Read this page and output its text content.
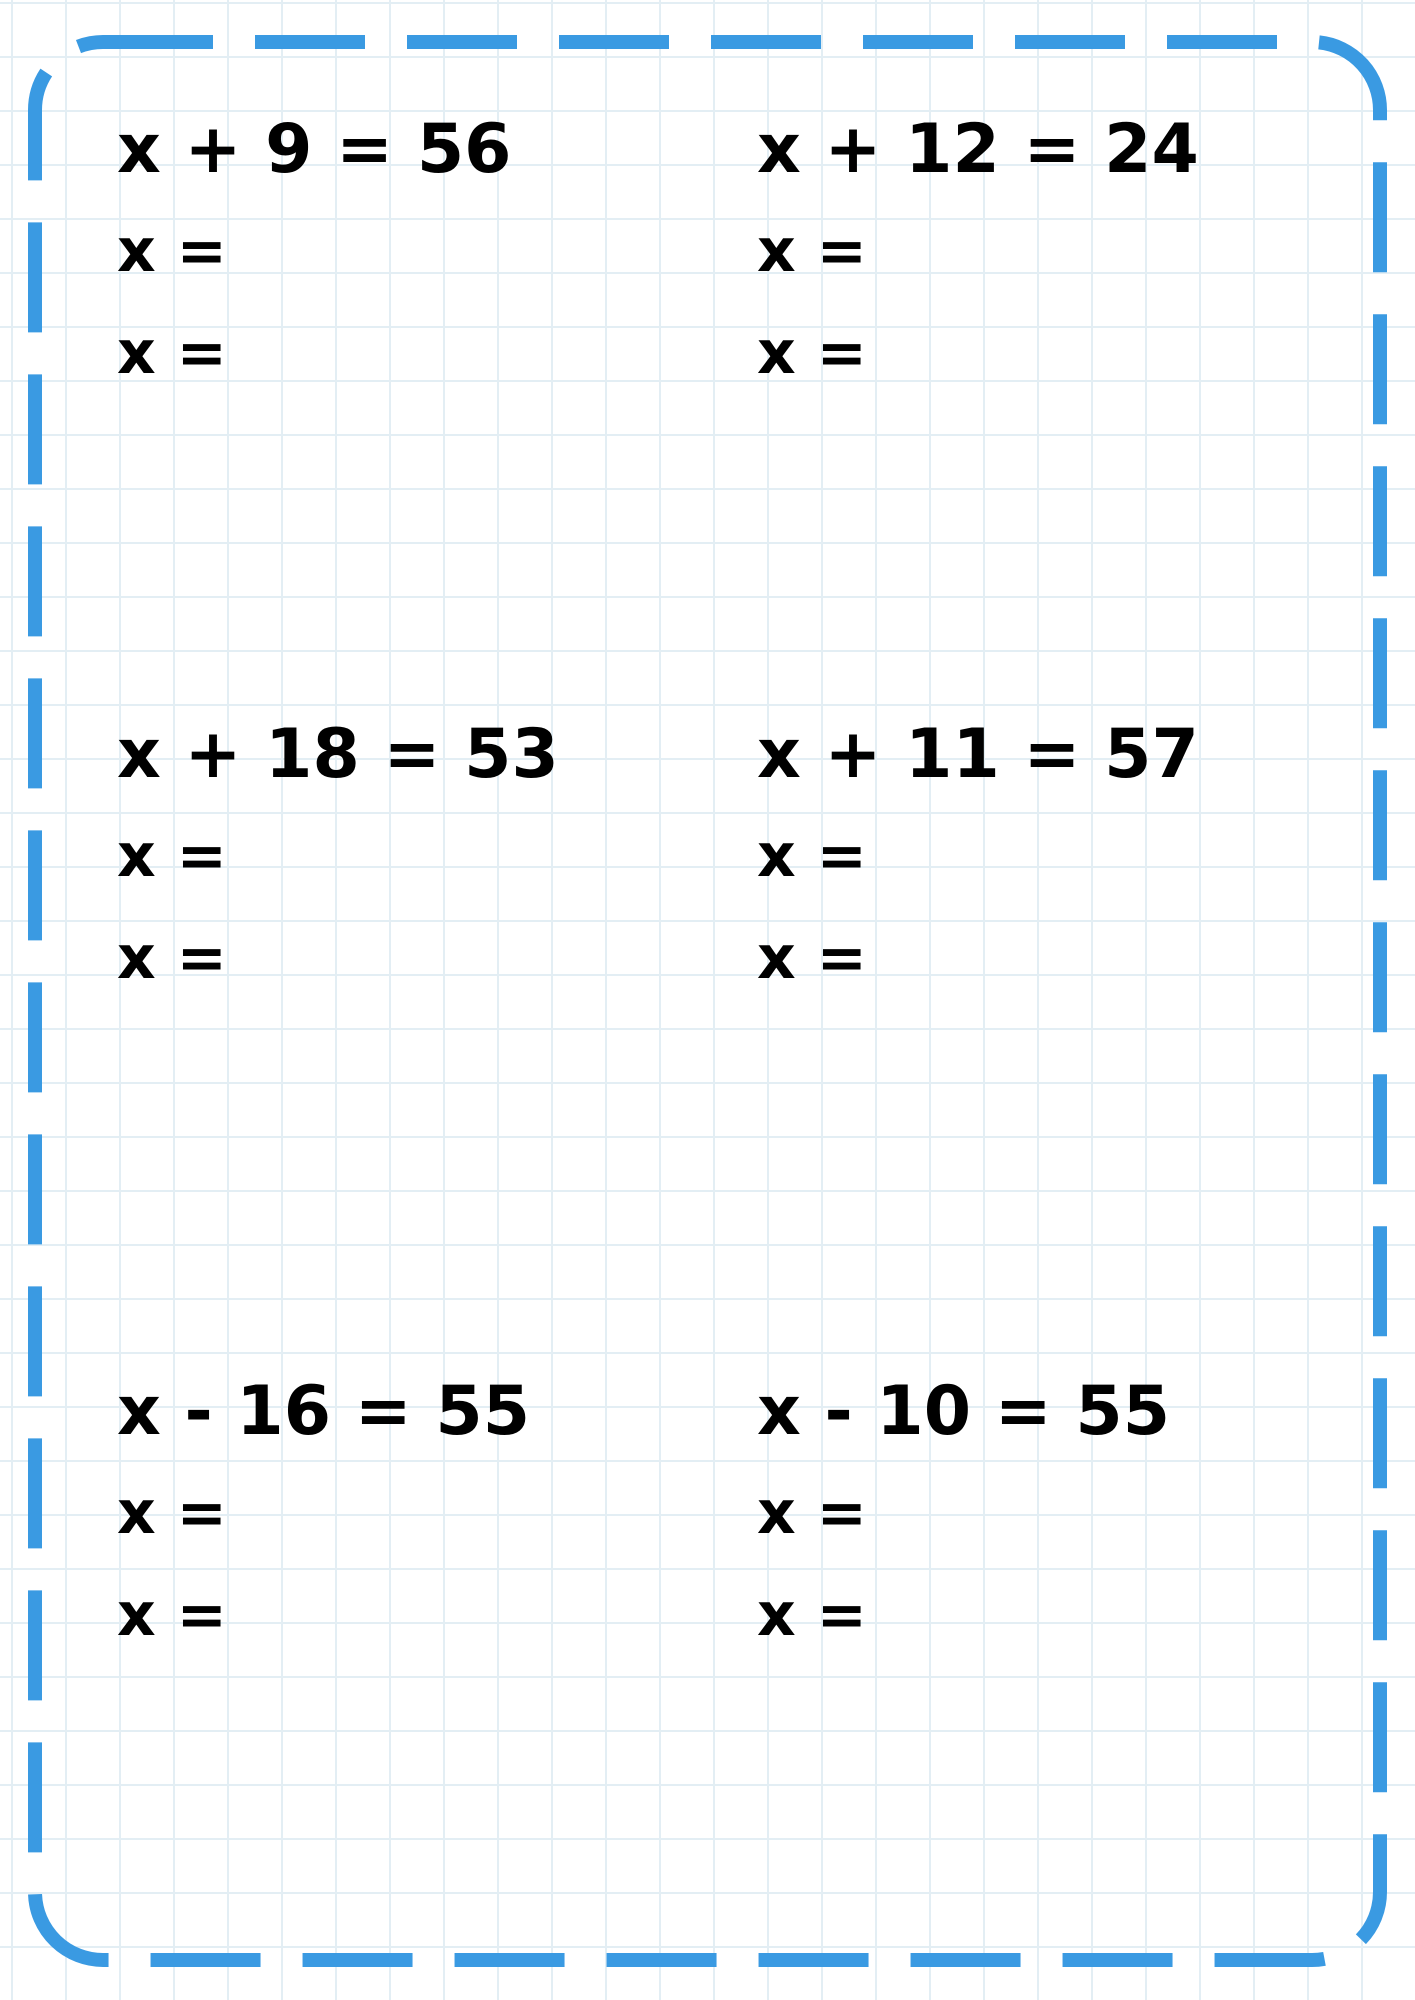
x + 9 = 56
x =
x =
x + 12 = 24
x =
x =
x + 18 = 53
x =
x =
x + 11 = 57
x =
x =
x - 16 = 55
x =
x =
x - 10 = 55
x =
x =
